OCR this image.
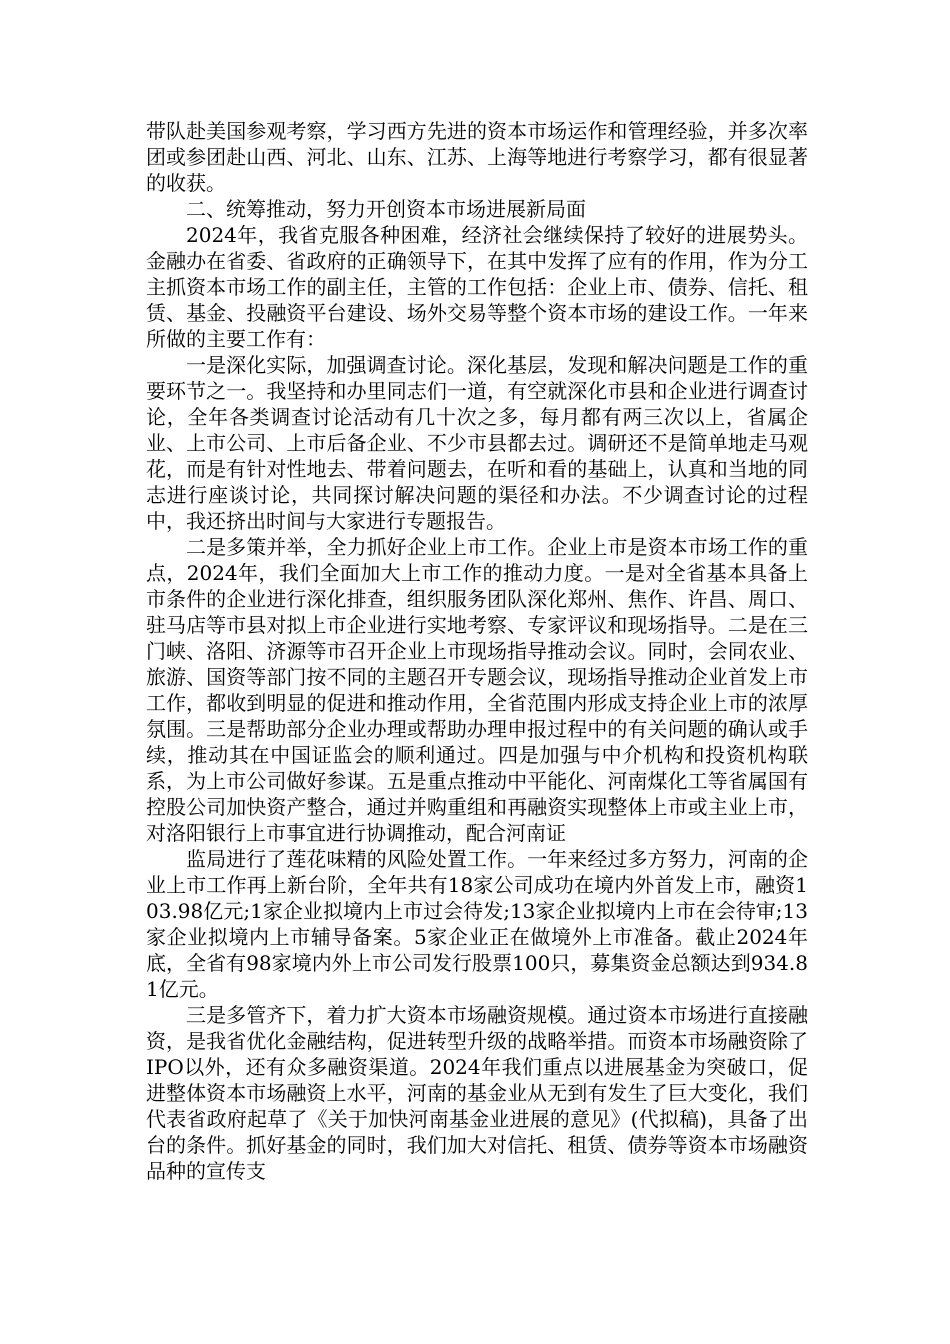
带队赴美国参观考察，学习西方先进的资本市场运作和管理经验，并多次率团或参团赴山西、河北、山东、江苏、上海等地进行考察学习，都有很显著的收获。

二、统筹推动，努力开创资本市场进展新局面

2024年，我省克服各种困难，经济社会继续保持了较好的进展势头。金融办在省委、省政府的正确领导下，在其中发挥了应有的作用，作为分工主抓资本市场工作的副主任，主管的工作包括：企业上市、债券、信托、租赁、基金、投融资平台建设、场外交易等整个资本市场的建设工作。一年来所做的主要工作有：

一是深化实际，加强调查讨论。深化基层，发现和解决问题是工作的重要环节之一。我坚持和办里同志们一道，有空就深化市县和企业进行调查讨论，全年各类调查讨论活动有几十次之多，每月都有两三次以上，省属企业、上市公司、上市后备企业、不少市县都去过。调研还不是简单地走马观花，而是有针对性地去、带着问题去，在听和看的基础上，认真和当地的同志进行座谈讨论，共同探讨解决问题的渠径和办法。不少调查讨论的过程中，我还挤出时间与大家进行专题报告。

二是多策并举，全力抓好企业上市工作。企业上市是资本市场工作的重点，2024年，我们全面加大上市工作的推动力度。一是对全省基本具备上市条件的企业进行深化排查，组织服务团队深化郑州、焦作、许昌、周口、驻马店等市县对拟上市企业进行实地考察、专家评议和现场指导。二是在三门峡、洛阳、济源等市召开企业上市现场指导推动会议。同时，会同农业、旅游、国资等部门按不同的主题召开专题会议，现场指导推动企业首发上市工作，都收到明显的促进和推动作用，全省范围内形成支持企业上市的浓厚氛围。三是帮助部分企业办理或帮助办理申报过程中的有关问题的确认或手续，推动其在中国证监会的顺利通过。四是加强与中介机构和投资机构联系，为上市公司做好参谋。五是重点推动中平能化、河南煤化工等省属国有控股公司加快资产整合，通过并购重组和再融资实现整体上市或主业上市，对洛阳银行上市事宜进行协调推动，配合河南证

监局进行了莲花味精的风险处置工作。一年来经过多方努力，河南的企业上市工作再上新台阶，全年共有18家公司成功在境内外首发上市，融资103.98亿元;1家企业拟境内上市过会待发;13家企业拟境内上市在会待审;13家企业拟境内上市辅导备案。5家企业正在做境外上市准备。截止2024年底，全省有98家境内外上市公司发行股票100只，募集资金总额达到934.81亿元。

三是多管齐下，着力扩大资本市场融资规模。通过资本市场进行直接融资，是我省优化金融结构，促进转型升级的战略举措。而资本市场融资除了IPO以外，还有众多融资渠道。2024年我们重点以进展基金为突破口，促进整体资本市场融资上水平，河南的基金业从无到有发生了巨大变化，我们代表省政府起草了《关于加快河南基金业进展的意见》(代拟稿)，具备了出台的条件。抓好基金的同时，我们加大对信托、租赁、债券等资本市场融资品种的宣传支
